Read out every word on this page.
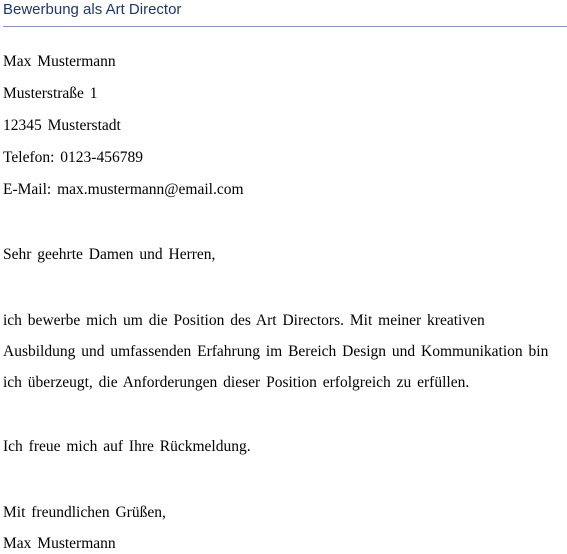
Bewerbung als Art Director
Max Mustermann
Musterstraße 1
12345 Musterstadt
Telefon: 0123-456789
E-Mail: max.mustermann@email.com
Sehr geehrte Damen und Herren,
ich bewerbe mich um die Position des Art Directors. Mit meiner kreativen
Ausbildung und umfassenden Erfahrung im Bereich Design und Kommunikation bin
ich überzeugt, die Anforderungen dieser Position erfolgreich zu erfüllen.
Ich freue mich auf Ihre Rückmeldung.
Mit freundlichen Grüßen,
Max Mustermann
